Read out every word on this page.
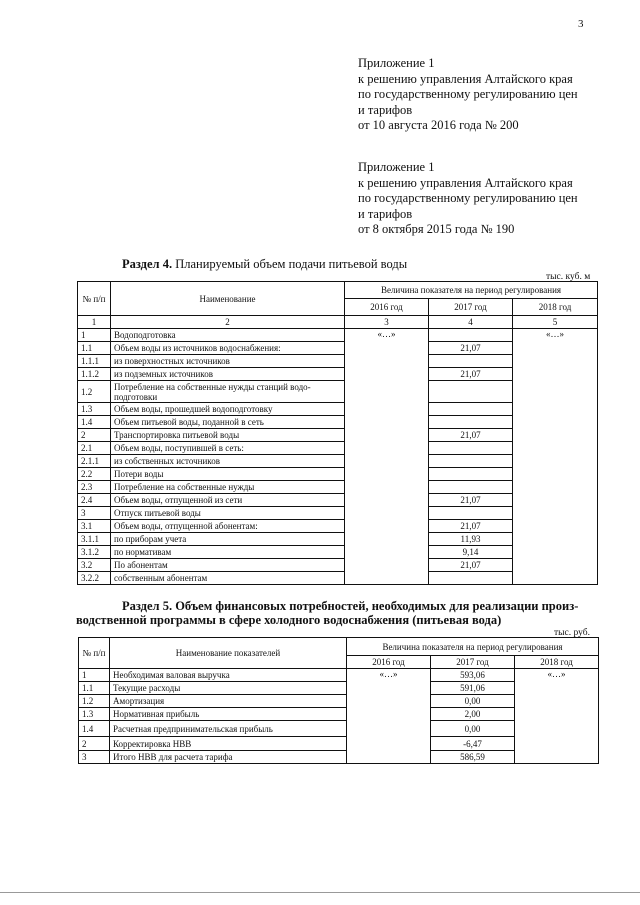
3
Приложение 1
к решению управления Алтайского края
по государственному регулированию цен
и тарифов
от 10 августа 2016 года № 200
Приложение 1
к решению управления Алтайского края
по государственному регулированию цен
и тарифов
от 8 октября 2015 года № 190
Раздел 4. Планируемый объем подачи питьевой воды
тыс. куб. м
№ п/п	Наименование	Величина показателя на период регулирования		
		2016 год	2017 год	2018 год
1	2	3	4	5
1	Водоподготовка	«…»		«…»
1.1	Объем воды из источников водоснабжения:		21,07	
1.1.1	из поверхностных источников			
1.1.2	из подземных источников		21,07	
1.2	Потребление на собственные нужды станций водо-подготовки			
1.3	Объем воды, прошедшей водоподготовку			
1.4	Объем питьевой воды, поданной в сеть			
2	Транспортировка питьевой воды		21,07	
2.1	Объем воды, поступившей в сеть:			
2.1.1	из собственных источников			
2.2	Потери воды			
2.3	Потребление на собственные нужды			
2.4	Объем воды, отпущенной из сети		21,07	
3	Отпуск питьевой воды			
3.1	Объем воды, отпущенной абонентам:		21,07	
3.1.1	по приборам учета		11,93	
3.1.2	по нормативам		9,14	
3.2	По абонентам		21,07	
3.2.2	собственным абонентам			
Раздел 5. Объем финансовых потребностей, необходимых для реализации произ-
водственной программы в сфере холодного водоснабжения (питьевая вода)
тыс. руб.
№ п/п	Наименование показателей	Величина показателя на период регулирования		
		2016 год	2017 год	2018 год
1	Необходимая валовая выручка	«…»	593,06	«…»
1.1	Текущие расходы		591,06	
1.2	Амортизация		0,00	
1.3	Нормативная прибыль		2,00	
1.4	Расчетная предпринимательская прибыль		0,00	
2	Корректировка НВВ		-6,47	
3	Итого НВВ для расчета тарифа		586,59	
